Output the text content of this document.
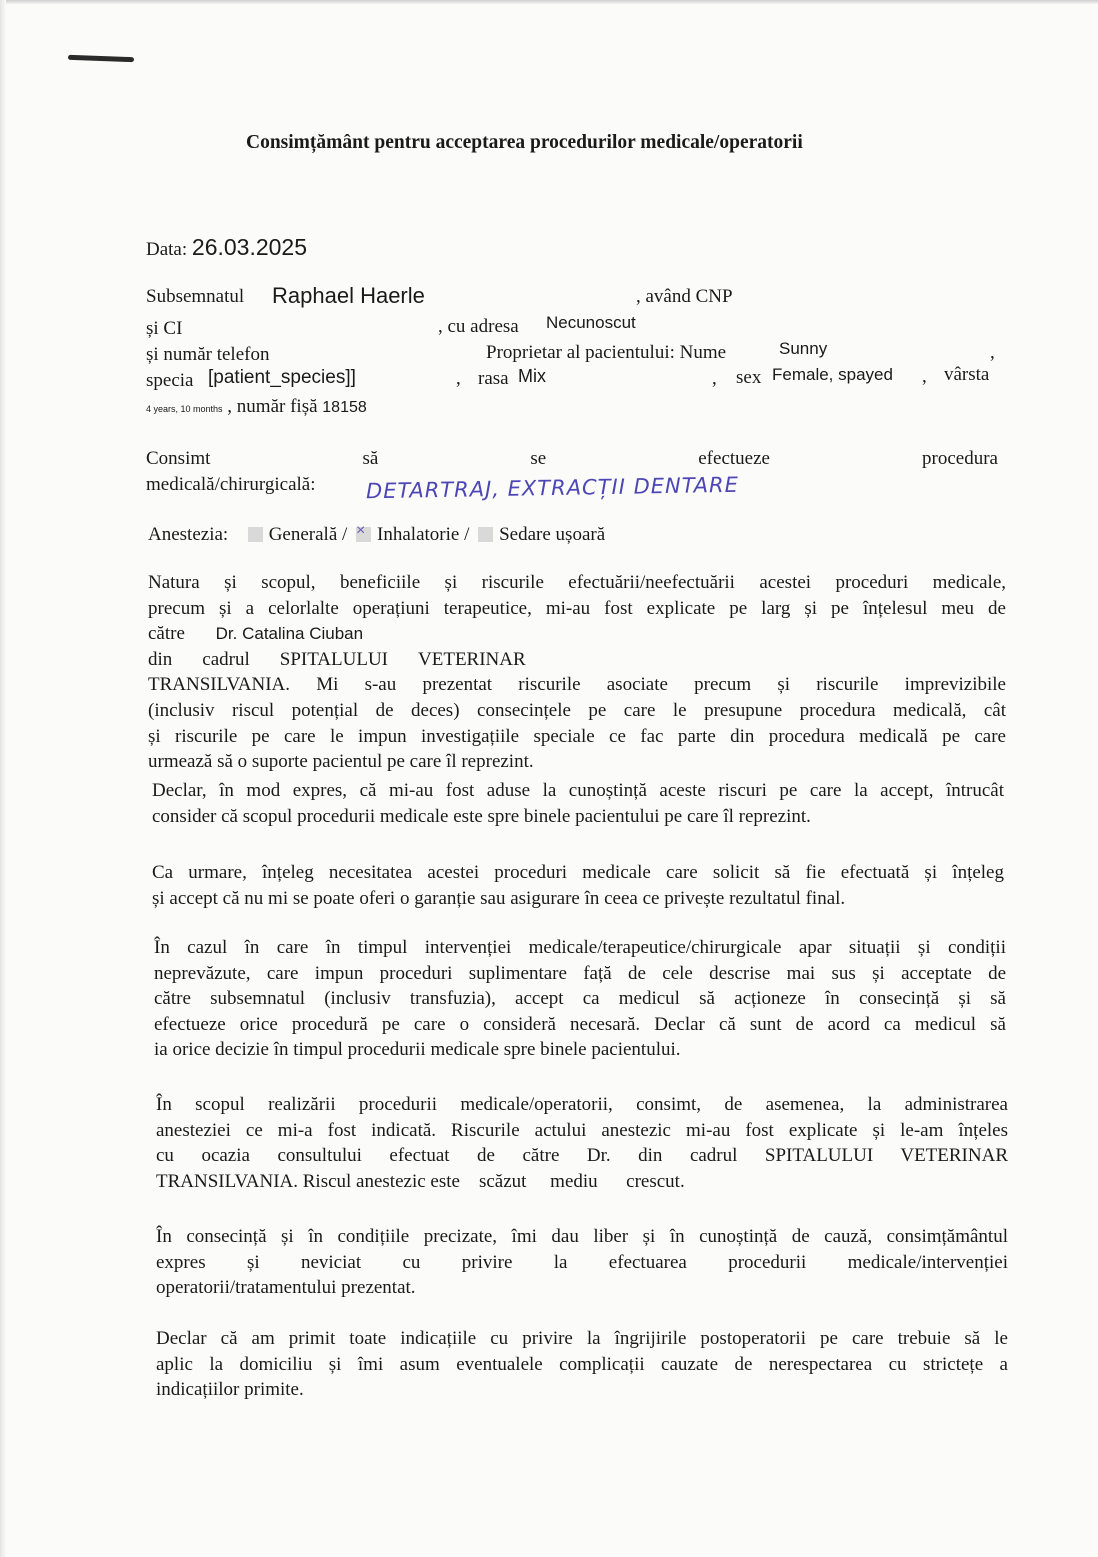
Consimțământ pentru acceptarea procedurilor medicale/operatorii
Data: 26.03.2025
Subsemnatul Raphael Haerle	, având CNP
și CI	, cu adresa Necunoscut
și număr telefon	Proprietar al pacientului: Nume	Sunny	,
specia [patient_species]]	, rasa Mix	, sex Female, spayed , vârsta
4 years, 10 months , număr fișă 18158
Consimt	să	se	efectueze	procedura
medicală/chirurgicală: DETARTRAJ, EXTRACȚII DENTARE
Anestezia: Generală / × Inhalatorie / Sedare ușoară
Natura și scopul, beneficiile și riscurile efectuării/neefectuării acestei proceduri medicale,
precum și a celorlalte operațiuni terapeutice, mi-au fost explicate pe larg și pe înțelesul meu de
către Dr. Catalina Ciuban
din cadrul SPITALULUI VETERINAR
TRANSILVANIA. Mi s-au prezentat riscurile asociate precum și riscurile imprevizibile
(inclusiv riscul potențial de deces) consecințele pe care le presupune procedura medicală, cât
și riscurile pe care le impun investigațiile speciale ce fac parte din procedura medicală pe care
urmează să o suporte pacientul pe care îl reprezint.
Declar, în mod expres, că mi-au fost aduse la cunoștință aceste riscuri pe care la accept, întrucât
consider că scopul procedurii medicale este spre binele pacientului pe care îl reprezint.
Ca urmare, înțeleg necesitatea acestei proceduri medicale care solicit să fie efectuată și înțeleg
și accept că nu mi se poate oferi o garanție sau asigurare în ceea ce privește rezultatul final.
În cazul în care în timpul intervenției medicale/terapeutice/chirurgicale apar situații și condiții
neprevăzute, care impun proceduri suplimentare față de cele descrise mai sus și acceptate de
către subsemnatul (inclusiv transfuzia), accept ca medicul să acționeze în consecință și să
efectueze orice procedură pe care o consideră necesară. Declar că sunt de acord ca medicul să
ia orice decizie în timpul procedurii medicale spre binele pacientului.
În scopul realizării procedurii medicale/operatorii, consimt, de asemenea, la administrarea
anesteziei ce mi-a fost indicată. Riscurile actului anestezic mi-au fost explicate și le-am înțeles
cu ocazia consultului efectuat de către Dr. din cadrul SPITALULUI VETERINAR
TRANSILVANIA. Riscul anestezic este    scăzut     mediu      crescut.
În consecință și în condițiile precizate, îmi dau liber și în cunoștință de cauză, consimțământul
expres și neviciat cu privire la efectuarea procedurii medicale/intervenției
operatorii/tratamentului prezentat.
Declar că am primit toate indicațiile cu privire la îngrijirile postoperatorii pe care trebuie să le
aplic la domiciliu și îmi asum eventualele complicații cauzate de nerespectarea cu strictețe a
indicațiilor primite.
